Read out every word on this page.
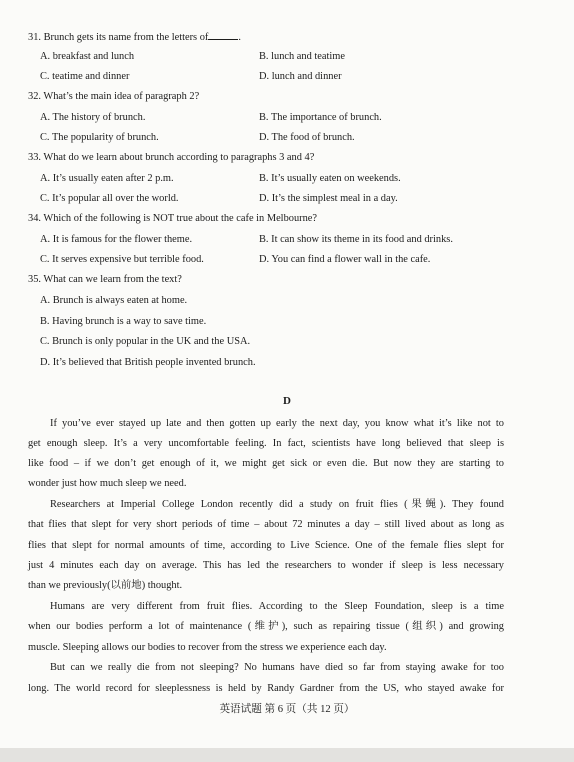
31. Brunch gets its name from the letters of	.
A. breakfast and lunch	B. lunch and teatime
C. teatime and dinner	D. lunch and dinner
32. What’s the main idea of paragraph 2?
A. The history of brunch.	B. The importance of brunch.
C. The popularity of brunch.	D. The food of brunch.
33. What do we learn about brunch according to paragraphs 3 and 4?
A. It’s usually eaten after 2 p.m.	B. It’s usually eaten on weekends.
C. It’s popular all over the world.	D. It’s the simplest meal in a day.
34. Which of the following is NOT true about the cafe in Melbourne?
A. It is famous for the flower theme.	B. It can show its theme in its food and drinks.
C. It serves expensive but terrible food.	D. You can find a flower wall in the cafe.
35. What can we learn from the text?
A. Brunch is always eaten at home.
B. Having brunch is a way to save time.
C. Brunch is only popular in the UK and the USA.
D. It’s believed that British people invented brunch.
D
If you’ve ever stayed up late and then gotten up early the next day, you know what it’s like not to
get enough sleep. It’s a very uncomfortable feeling. In fact, scientists have long believed that sleep is
like food – if we don’t get enough of it, we might get sick or even die. But now they are starting to
wonder just how much sleep we need.
Researchers at Imperial College London recently did a study on fruit flies (果蝇). They found
that flies that slept for very short periods of time – about 72 minutes a day – still lived about as long as
flies that slept for normal amounts of time, according to Live Science. One of the female flies slept for
just 4 minutes each day on average. This has led the researchers to wonder if sleep is less necessary
than we previously(以前地) thought.
Humans are very different from fruit flies. According to the Sleep Foundation, sleep is a time
when our bodies perform a lot of maintenance (维护), such as repairing tissue (组织) and growing
muscle. Sleeping allows our bodies to recover from the stress we experience each day.
But can we really die from not sleeping? No humans have died so far from staying awake for too
long. The world record for sleeplessness is held by Randy Gardner from the US, who stayed awake for
英语试题 第 6 页（共 12 页）
